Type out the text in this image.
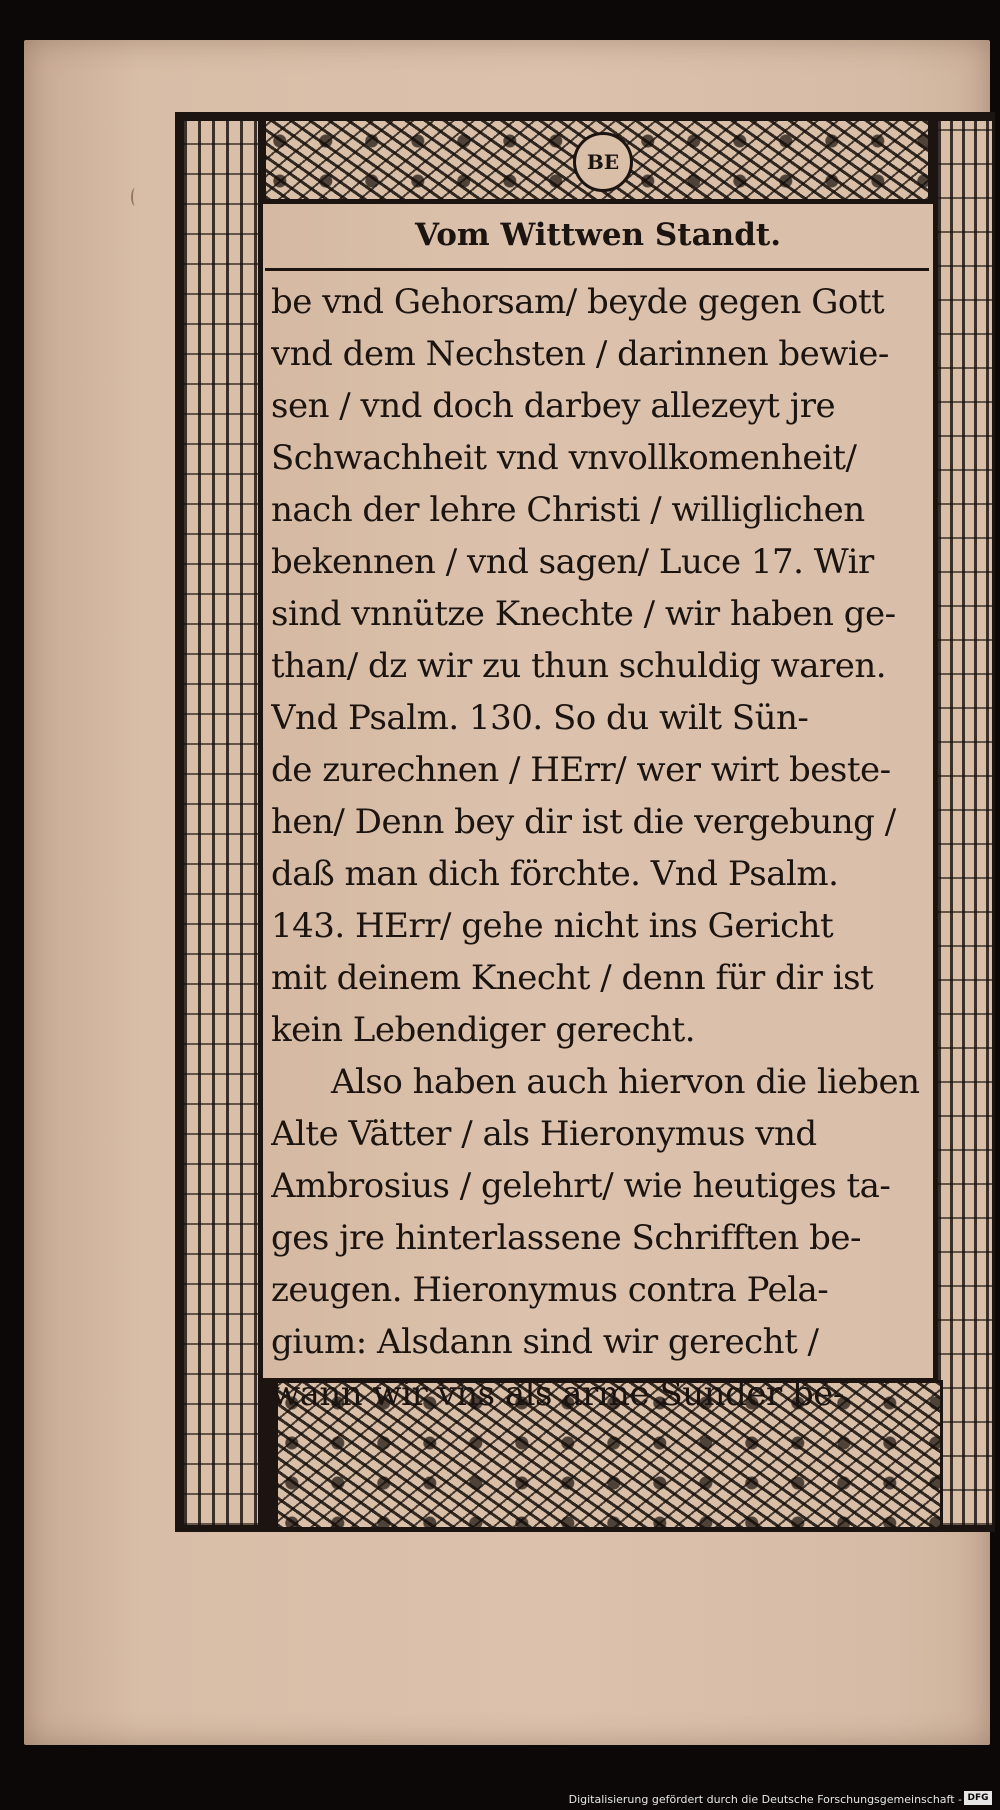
BE
Vom Wittwen Standt.
be vnd Gehorsam/ beyde gegen Gott
vnd dem Nechsten / darinnen bewie-
sen / vnd doch darbey allezeyt jre
Schwachheit vnd vnvollkomenheit/
nach der lehre Christi / williglichen
bekennen / vnd sagen/ Luce 17. Wir
sind vnnütze Knechte / wir haben ge-
than/ dz wir zu thun schuldig waren.
Vnd Psalm. 130. So du wilt Sün-
de zurechnen / HErr/ wer wirt beste-
hen/ Denn bey dir ist die vergebung /
daß man dich förchte. Vnd Psalm.
143. HErr/ gehe nicht ins Gericht
mit deinem Knecht / denn für dir ist
kein Lebendiger gerecht.
Also haben auch hiervon die lieben
Alte Vätter / als Hieronymus vnd
Ambrosius / gelehrt/ wie heutiges ta-
ges jre hinterlassene Schrifften be-
zeugen. Hieronymus contra Pela-
gium: Alsdann sind wir gerecht /
wann wir vns als arme Sünder be-
Digitalisierung gefördert durch die Deutsche Forschungsgemeinschaft - DFG
